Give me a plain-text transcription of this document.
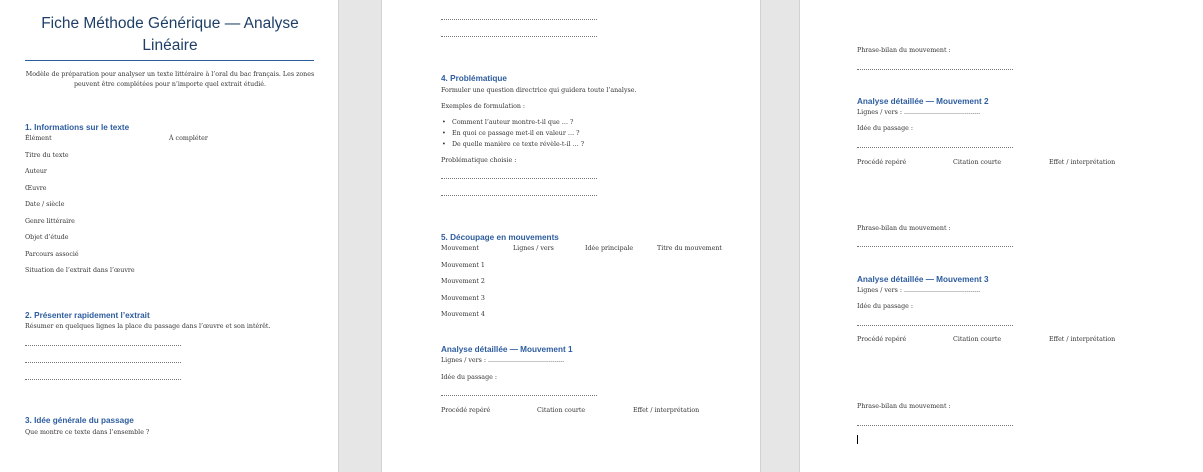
Fiche Méthode Générique — Analyse Linéaire
Modèle de préparation pour analyser un texte littéraire à l’oral du bac français. Les zones peuvent être complétées pour n’importe quel extrait étudié.
1. Informations sur le texte
Élément	À compléter
Titre du texte
Auteur
Œuvre
Date / siècle
Genre littéraire
Objet d’étude
Parcours associé
Situation de l’extrait dans l’œuvre
2. Présenter rapidement l’extrait
Résumer en quelques lignes la place du passage dans l’œuvre et son intérêt.
3. Idée générale du passage
Que montre ce texte dans l’ensemble ?
4. Problématique
Formuler une question directrice qui guidera toute l’analyse.
Exemples de formulation :
• Comment l’auteur montre-t-il que … ?
• En quoi ce passage met-il en valeur … ?
• De quelle manière ce texte révèle-t-il … ?
Problématique choisie :
5. Découpage en mouvements
Mouvement	Lignes / vers	Idée principale	Titre du mouvement
Mouvement 1
Mouvement 2
Mouvement 3
Mouvement 4
Analyse détaillée — Mouvement 1
Lignes / vers : ......................................
Idée du passage :
Procédé repéré	Citation courte	Effet / interprétation
Phrase-bilan du mouvement :
Analyse détaillée — Mouvement 2
Lignes / vers : ......................................
Idée du passage :
Procédé repéré	Citation courte	Effet / interprétation
Phrase-bilan du mouvement :
Analyse détaillée — Mouvement 3
Lignes / vers : ......................................
Idée du passage :
Procédé repéré	Citation courte	Effet / interprétation
Phrase-bilan du mouvement :
